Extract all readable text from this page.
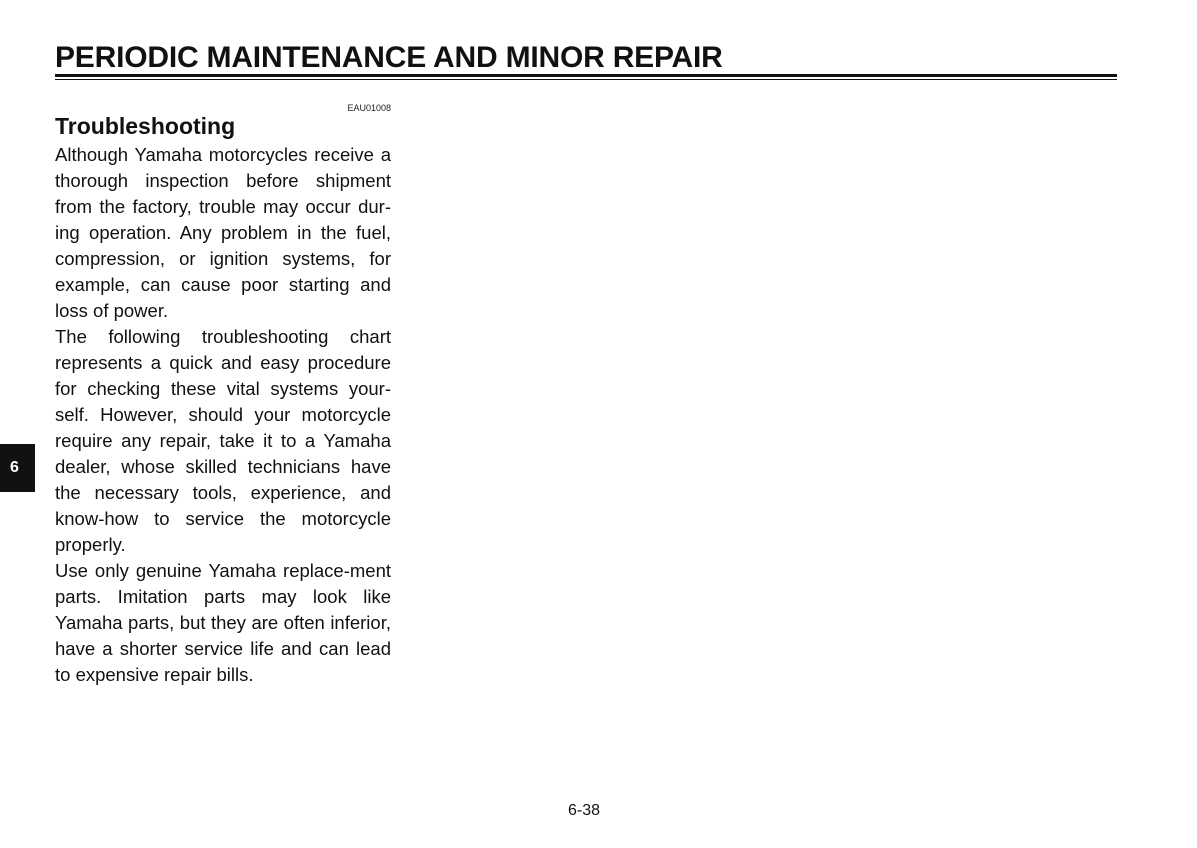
PERIODIC MAINTENANCE AND MINOR REPAIR
EAU01008
Troubleshooting

Although Yamaha motorcycles receive a thorough inspection before shipment from the factory, trouble may occur dur-ing operation. Any problem in the fuel, compression, or ignition systems, for example, can cause poor starting and loss of power.

The following troubleshooting chart represents a quick and easy procedure for checking these vital systems your-self. However, should your motorcycle require any repair, take it to a Yamaha dealer, whose skilled technicians have the necessary tools, experience, and know-how to service the motorcycle properly.

Use only genuine Yamaha replace-ment parts. Imitation parts may look like Yamaha parts, but they are often inferior, have a shorter service life and can lead to expensive repair bills.

6
6-38
